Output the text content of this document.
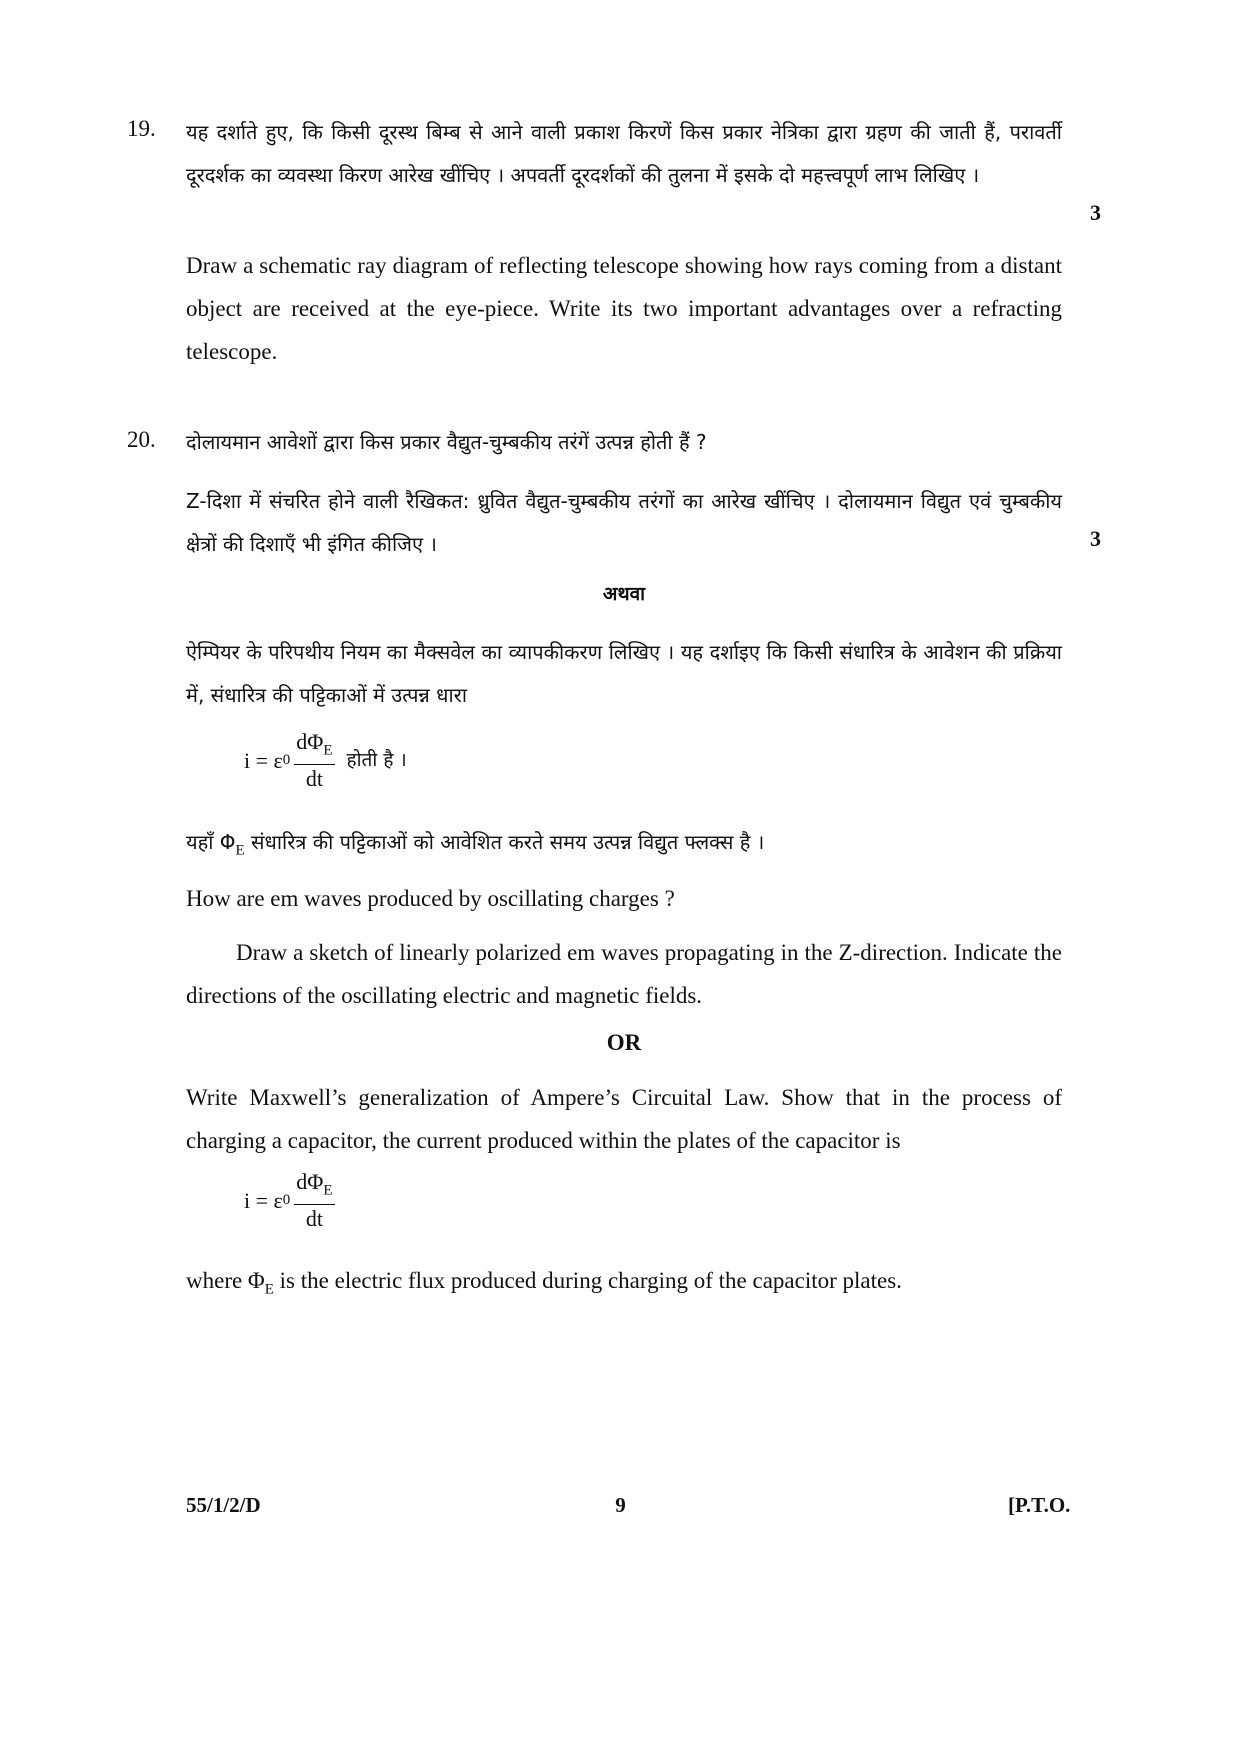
19. यह दर्शाते हुए, कि किसी दूरस्थ बिम्ब से आने वाली प्रकाश किरणें किस प्रकार नेत्रिका द्वारा ग्रहण की जाती हैं, परावर्ती दूरदर्शक का व्यवस्था किरण आरेख खींचिए । अपवर्ती दूरदर्शकों की तुलना में इसके दो महत्त्वपूर्ण लाभ लिखिए ।
3
Draw a schematic ray diagram of reflecting telescope showing how rays coming from a distant object are received at the eye-piece. Write its two important advantages over a refracting telescope.
20. दोलायमान आवेशों द्वारा किस प्रकार वैद्युत-चुम्बकीय तरंगें उत्पन्न होती हैं ?
Z-दिशा में संचरित होने वाली रैखिकत: ध्रुवित वैद्युत-चुम्बकीय तरंगों का आरेख खींचिए । दोलायमान विद्युत एवं चुम्बकीय क्षेत्रों की दिशाएँ भी इंगित कीजिए ।	3
अथवा
ऐम्पियर के परिपथीय नियम का मैक्सवेल का व्यापकीकरण लिखिए । यह दर्शाइए कि किसी संधारित्र के आवेशन की प्रक्रिया में, संधारित्र की पट्टिकाओं में उत्पन्न धारा
i = ε $0 \frac{d\Phi_E}{dt}$ होती है ।
यहाँ $\Phi_E$ संधारित्र की पट्टिकाओं को आवेशित करते समय उत्पन्न विद्युत फ्लक्स है ।
How are em waves produced by oscillating charges ?
Draw a sketch of linearly polarized em waves propagating in the Z-direction. Indicate the directions of the oscillating electric and magnetic fields.
OR
Write Maxwell’s generalization of Ampere’s Circuital Law. Show that in the process of charging a capacitor, the current produced within the plates of the capacitor is
i = ε $0 \frac{d\Phi_E}{dt}$
where $\Phi_E$ is the electric flux produced during charging of the capacitor plates.
55/1/2/D	9	[P.T.O.
